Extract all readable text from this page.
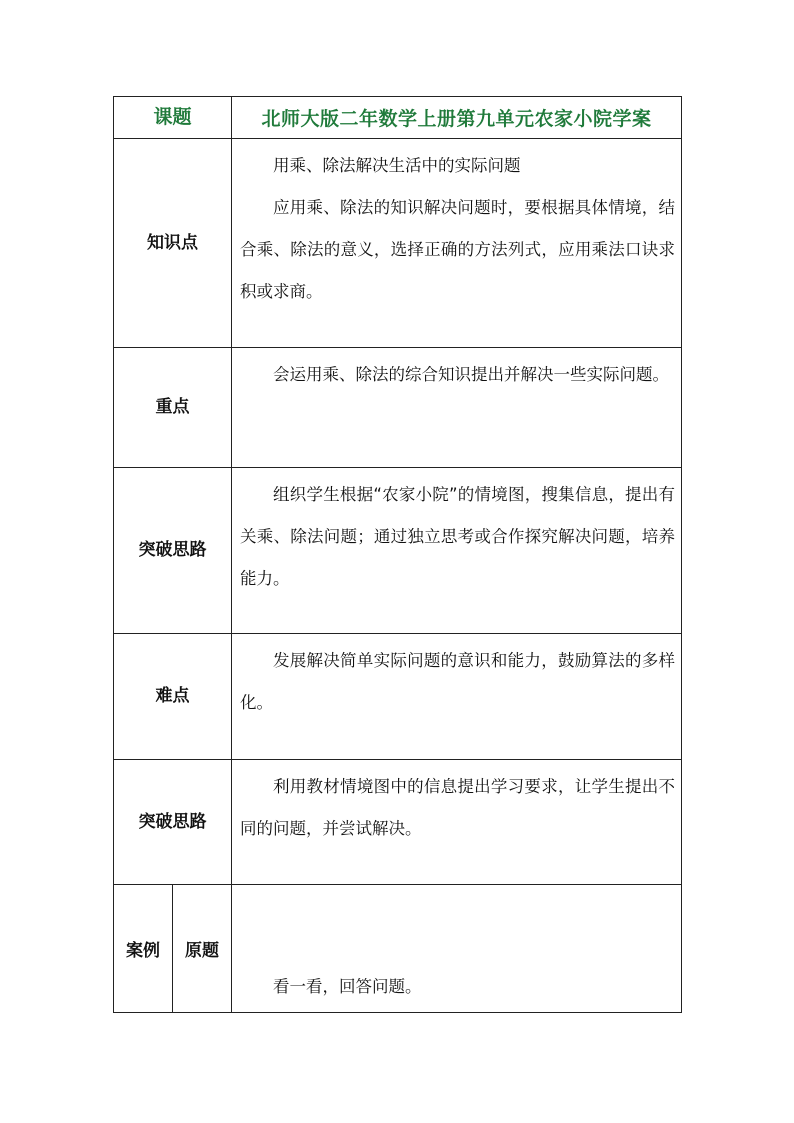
课题		北师大版二年数学上册第九单元农家小院学案
知识点		用乘、除法解决生活中的实际问题

应用乘、除法的知识解决问题时，要根据具体情境，结合乘、除法的意义，选择正确的方法列式，应用乘法口诀求积或求商。

重点		会运用乘、除法的综合知识提出并解决一些实际问题。

突破思路		组织学生根据“农家小院”的情境图，搜集信息，提出有关乘、除法问题；通过独立思考或合作探究解决问题，培养能力。

难点		发展解决简单实际问题的意识和能力，鼓励算法的多样化。

突破思路		利用教材情境图中的信息提出学习要求，让学生提出不同的问题，并尝试解决。

案例	原题	看一看，回答问题。
